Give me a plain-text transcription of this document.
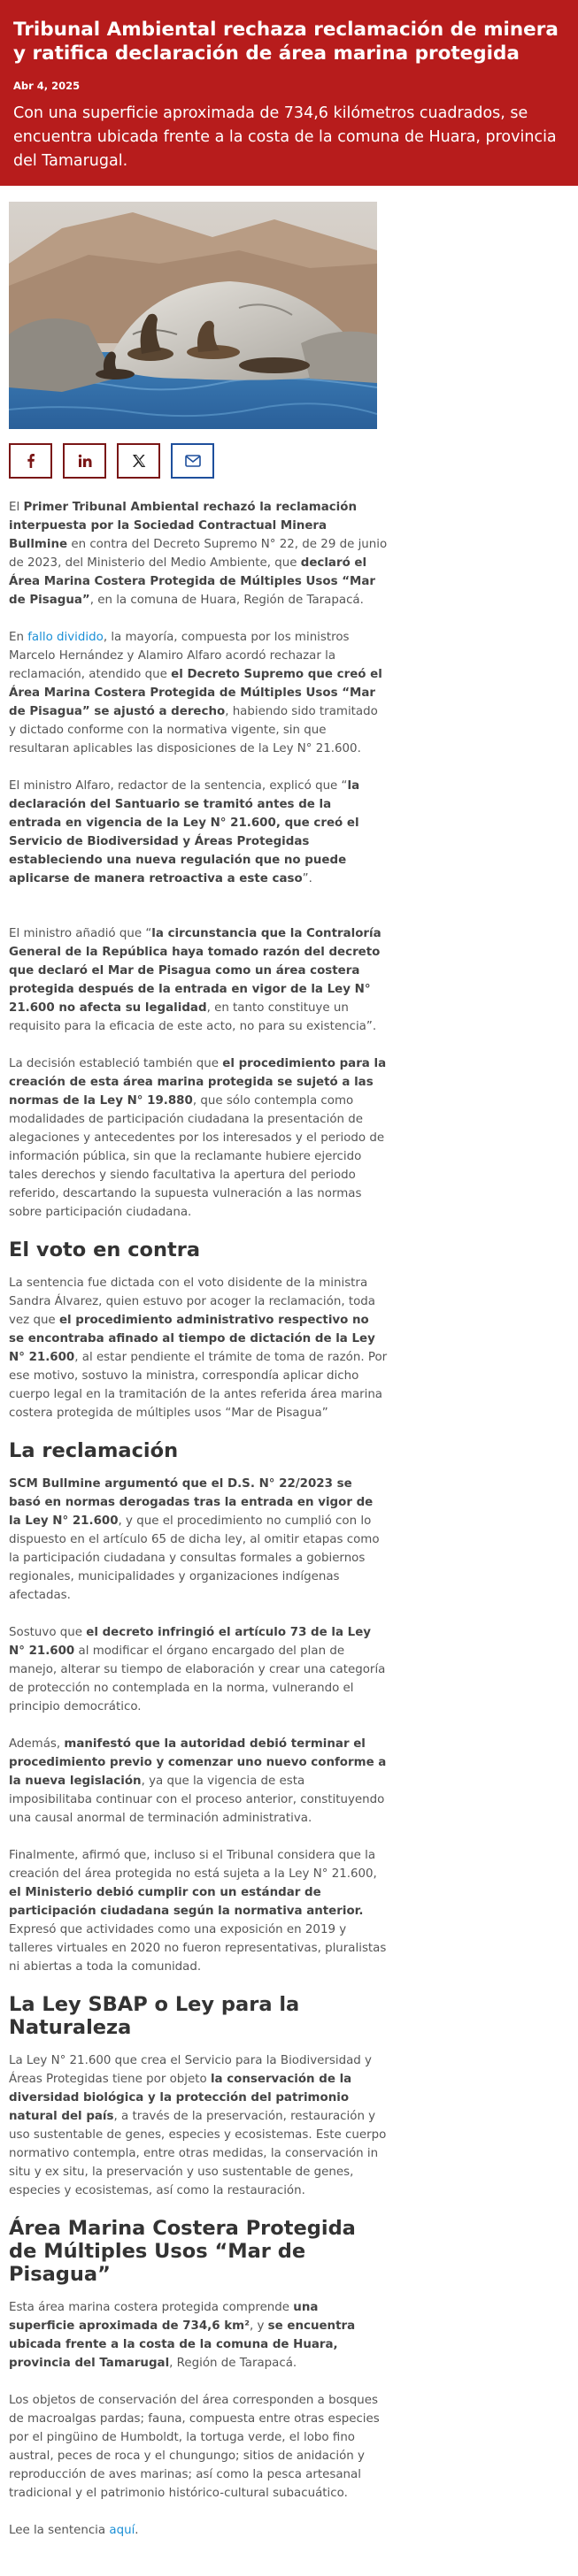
Tribunal Ambiental rechaza reclamación de minera y ratifica declaración de área marina protegida
Abr 4, 2025
Con una superficie aproximada de 734,6 kilómetros cuadrados, se encuentra ubicada frente a la costa de la comuna de Huara, provincia del Tamarugal.

El Primer Tribunal Ambiental rechazó la reclamación interpuesta por la Sociedad Contractual Minera Bullmine en contra del Decreto Supremo N° 22, de 29 de junio de 2023, del Ministerio del Medio Ambiente, que declaró el Área Marina Costera Protegida de Múltiples Usos “Mar de Pisagua”, en la comuna de Huara, Región de Tarapacá.

En fallo dividido, la mayoría, compuesta por los ministros Marcelo Hernández y Alamiro Alfaro acordó rechazar la reclamación, atendido que el Decreto Supremo que creó el Área Marina Costera Protegida de Múltiples Usos “Mar de Pisagua” se ajustó a derecho, habiendo sido tramitado y dictado conforme con la normativa vigente, sin que resultaran aplicables las disposiciones de la Ley N° 21.600.

El ministro Alfaro, redactor de la sentencia, explicó que “la declaración del Santuario se tramitó antes de la entrada en vigencia de la Ley N° 21.600, que creó el Servicio de Biodiversidad y Áreas Protegidas estableciendo una nueva regulación que no puede aplicarse de manera retroactiva a este caso”.

El ministro añadió que “la circunstancia que la Contraloría General de la República haya tomado razón del decreto que declaró el Mar de Pisagua como un área costera protegida después de la entrada en vigor de la Ley N° 21.600 no afecta su legalidad, en tanto constituye un requisito para la eficacia de este acto, no para su existencia”.

La decisión estableció también que el procedimiento para la creación de esta área marina protegida se sujetó a las normas de la Ley N° 19.880, que sólo contempla como modalidades de participación ciudadana la presentación de alegaciones y antecedentes por los interesados y el periodo de información pública, sin que la reclamante hubiere ejercido tales derechos y siendo facultativa la apertura del periodo referido, descartando la supuesta vulneración a las normas sobre participación ciudadana.

El voto en contra

La sentencia fue dictada con el voto disidente de la ministra Sandra Álvarez, quien estuvo por acoger la reclamación, toda vez que el procedimiento administrativo respectivo no se encontraba afinado al tiempo de dictación de la Ley N° 21.600, al estar pendiente el trámite de toma de razón. Por ese motivo, sostuvo la ministra, correspondía aplicar dicho cuerpo legal en la tramitación de la antes referida área marina costera protegida de múltiples usos “Mar de Pisagua”

La reclamación

SCM Bullmine argumentó que el D.S. N° 22/2023 se basó en normas derogadas tras la entrada en vigor de la Ley N° 21.600, y que el procedimiento no cumplió con lo dispuesto en el artículo 65 de dicha ley, al omitir etapas como la participación ciudadana y consultas formales a gobiernos regionales, municipalidades y organizaciones indígenas afectadas.

Sostuvo que el decreto infringió el artículo 73 de la Ley N° 21.600 al modificar el órgano encargado del plan de manejo, alterar su tiempo de elaboración y crear una categoría de protección no contemplada en la norma, vulnerando el principio democrático.

Además, manifestó que la autoridad debió terminar el procedimiento previo y comenzar uno nuevo conforme a la nueva legislación, ya que la vigencia de esta imposibilitaba continuar con el proceso anterior, constituyendo una causal anormal de terminación administrativa.

Finalmente, afirmó que, incluso si el Tribunal considera que la creación del área protegida no está sujeta a la Ley N° 21.600, el Ministerio debió cumplir con un estándar de participación ciudadana según la normativa anterior. Expresó que actividades como una exposición en 2019 y talleres virtuales en 2020 no fueron representativas, pluralistas ni abiertas a toda la comunidad.

La Ley SBAP o Ley para la Naturaleza

La Ley N° 21.600 que crea el Servicio para la Biodiversidad y Áreas Protegidas tiene por objeto la conservación de la diversidad biológica y la protección del patrimonio natural del país, a través de la preservación, restauración y uso sustentable de genes, especies y ecosistemas. Este cuerpo normativo contempla, entre otras medidas, la conservación in situ y ex situ, la preservación y uso sustentable de genes, especies y ecosistemas, así como la restauración.

Área Marina Costera Protegida de Múltiples Usos “Mar de Pisagua”

Esta área marina costera protegida comprende una superficie aproximada de 734,6 km², y se encuentra ubicada frente a la costa de la comuna de Huara, provincia del Tamarugal, Región de Tarapacá.

Los objetos de conservación del área corresponden a bosques de macroalgas pardas; fauna, compuesta entre otras especies por el pingüino de Humboldt, la tortuga verde, el lobo fino austral, peces de roca y el chungungo; sitios de anidación y reproducción de aves marinas; así como la pesca artesanal tradicional y el patrimonio histórico-cultural subacuático.

Lee la sentencia aquí.
